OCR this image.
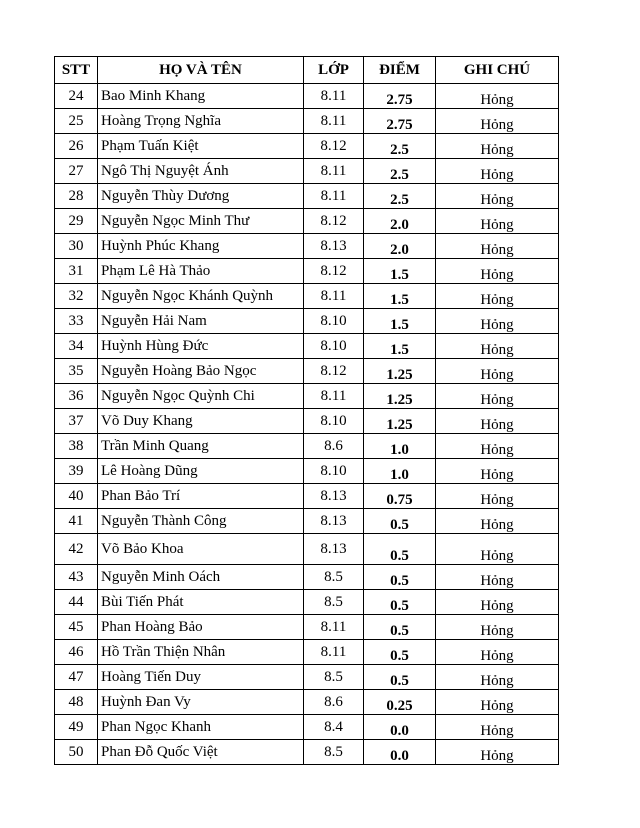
STT	HỌ VÀ TÊN	LỚP	ĐIỂM	GHI CHÚ
24	Bao Minh Khang	8.11	2.75	Hỏng
25	Hoàng Trọng Nghĩa	8.11	2.75	Hỏng
26	Phạm Tuấn Kiệt	8.12	2.5	Hỏng
27	Ngô Thị Nguyệt Ánh	8.11	2.5	Hỏng
28	Nguyễn Thùy Dương	8.11	2.5	Hỏng
29	Nguyễn Ngọc Minh Thư	8.12	2.0	Hỏng
30	Huỳnh Phúc Khang	8.13	2.0	Hỏng
31	Phạm Lê Hà Thảo	8.12	1.5	Hỏng
32	Nguyễn Ngọc Khánh Quỳnh	8.11	1.5	Hỏng
33	Nguyễn Hải Nam	8.10	1.5	Hỏng
34	Huỳnh Hùng Đức	8.10	1.5	Hỏng
35	Nguyễn Hoàng Bảo Ngọc	8.12	1.25	Hỏng
36	Nguyễn Ngọc Quỳnh Chi	8.11	1.25	Hỏng
37	Võ Duy Khang	8.10	1.25	Hỏng
38	Trần Minh Quang	8.6	1.0	Hỏng
39	Lê Hoàng Dũng	8.10	1.0	Hỏng
40	Phan Bảo Trí	8.13	0.75	Hỏng
41	Nguyễn Thành Công	8.13	0.5	Hỏng
42	Võ Bảo Khoa	8.13	0.5	Hỏng
43	Nguyễn Minh Oách	8.5	0.5	Hỏng
44	Bùi Tiến Phát	8.5	0.5	Hỏng
45	Phan Hoàng Bảo	8.11	0.5	Hỏng
46	Hồ Trần Thiện Nhân	8.11	0.5	Hỏng
47	Hoàng Tiến Duy	8.5	0.5	Hỏng
48	Huỳnh Đan Vy	8.6	0.25	Hỏng
49	Phan Ngọc Khanh	8.4	0.0	Hỏng
50	Phan Đỗ Quốc Việt	8.5	0.0	Hỏng
